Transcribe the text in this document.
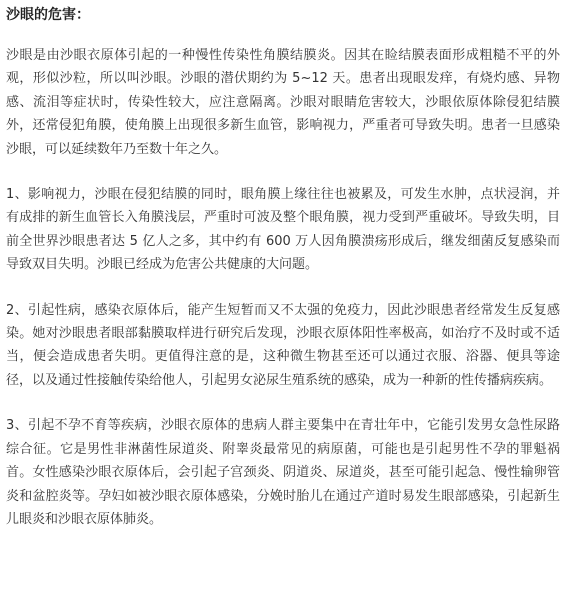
沙眼的危害：

沙眼是由沙眼衣原体引起的一种慢性传染性角膜结膜炎。因其在睑结膜表面形成粗糙不平的外观，形似沙粒，所以叫沙眼。沙眼的潜伏期约为 5~12 天。患者出现眼发痒，有烧灼感、异物感、流泪等症状时，传染性较大，应注意隔离。沙眼对眼睛危害较大，沙眼依原体除侵犯结膜外，还常侵犯角膜，使角膜上出现很多新生血管，影响视力，严重者可导致失明。患者一旦感染沙眼，可以延续数年乃至数十年之久。

1、影响视力，沙眼在侵犯结膜的同时，眼角膜上缘往往也被累及，可发生水肿，点状浸润，并有成排的新生血管长入角膜浅层，严重时可波及整个眼角膜，视力受到严重破坏。导致失明，目前全世界沙眼患者达 5 亿人之多，其中约有 600 万人因角膜溃疡形成后，继发细菌反复感染而导致双目失明。沙眼已经成为危害公共健康的大问题。

2、引起性病，感染衣原体后，能产生短暂而又不太强的免疫力，因此沙眼患者经常发生反复感染。她对沙眼患者眼部黏膜取样进行研究后发现，沙眼衣原体阳性率极高，如治疗不及时或不适当，便会造成患者失明。更值得注意的是，这种微生物甚至还可以通过衣服、浴器、便具等途径，以及通过性接触传染给他人，引起男女泌尿生殖系统的感染，成为一种新的性传播病疾病。

3、引起不孕不育等疾病，沙眼衣原体的患病人群主要集中在青壮年中，它能引发男女急性尿路综合征。它是男性非淋菌性尿道炎、附睾炎最常见的病原菌，可能也是引起男性不孕的罪魁祸首。女性感染沙眼衣原体后，会引起子宫颈炎、阴道炎、尿道炎，甚至可能引起急、慢性输卵管炎和盆腔炎等。孕妇如被沙眼衣原体感染，分娩时胎儿在通过产道时易发生眼部感染，引起新生儿眼炎和沙眼衣原体肺炎。
